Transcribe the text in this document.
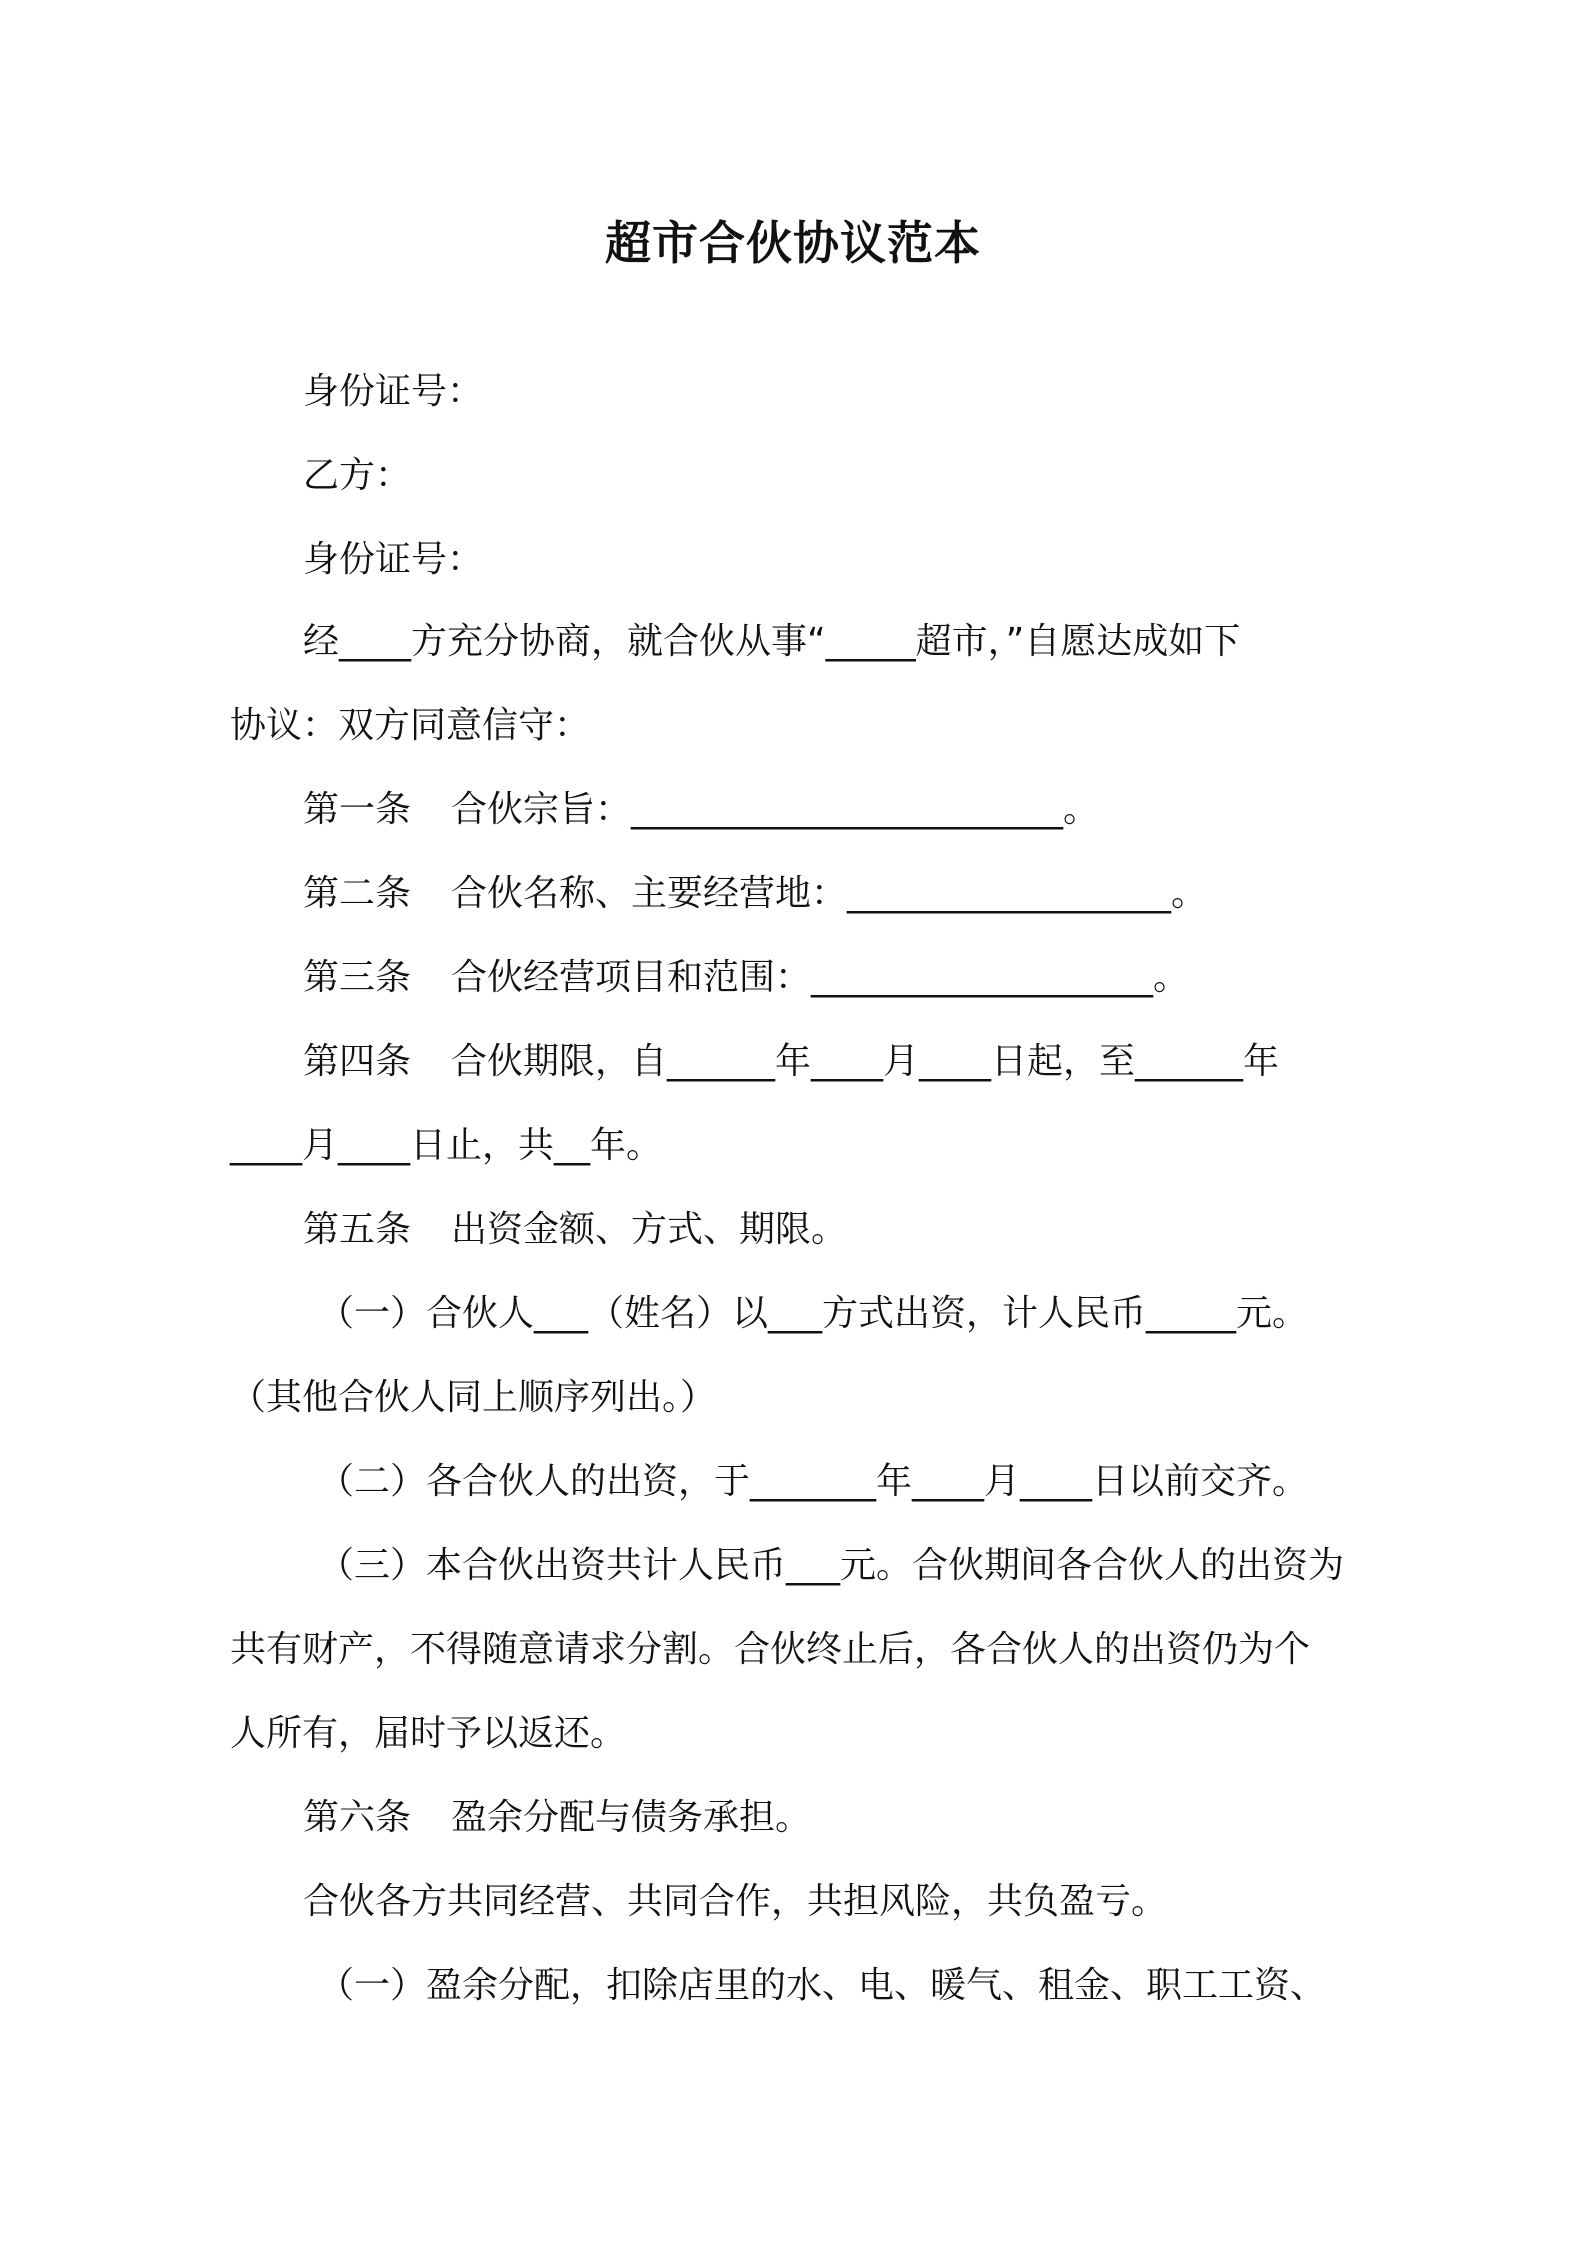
超市合伙协议范本
身份证号：
乙方：
身份证号：
经____方充分协商，就合伙从事“_____超市，”自愿达成如下
协议：双方同意信守：
第一条 合伙宗旨：________________________。
第二条 合伙名称、主要经营地：__________________。
第三条 合伙经营项目和范围：___________________。
第四条 合伙期限，自______年____月____日起，至______年
____月____日止，共__年。
第五条 出资金额、方式、期限。
（一）合伙人___（姓名）以___方式出资，计人民币_____元。
（其他合伙人同上顺序列出。）
（二）各合伙人的出资，于_______年____月____日以前交齐。
（三）本合伙出资共计人民币___元。合伙期间各合伙人的出资为
共有财产，不得随意请求分割。合伙终止后，各合伙人的出资仍为个
人所有，届时予以返还。
第六条 盈余分配与债务承担。
合伙各方共同经营、共同合作，共担风险，共负盈亏。
（一）盈余分配，扣除店里的水、电、暖气、租金、职工工资、
